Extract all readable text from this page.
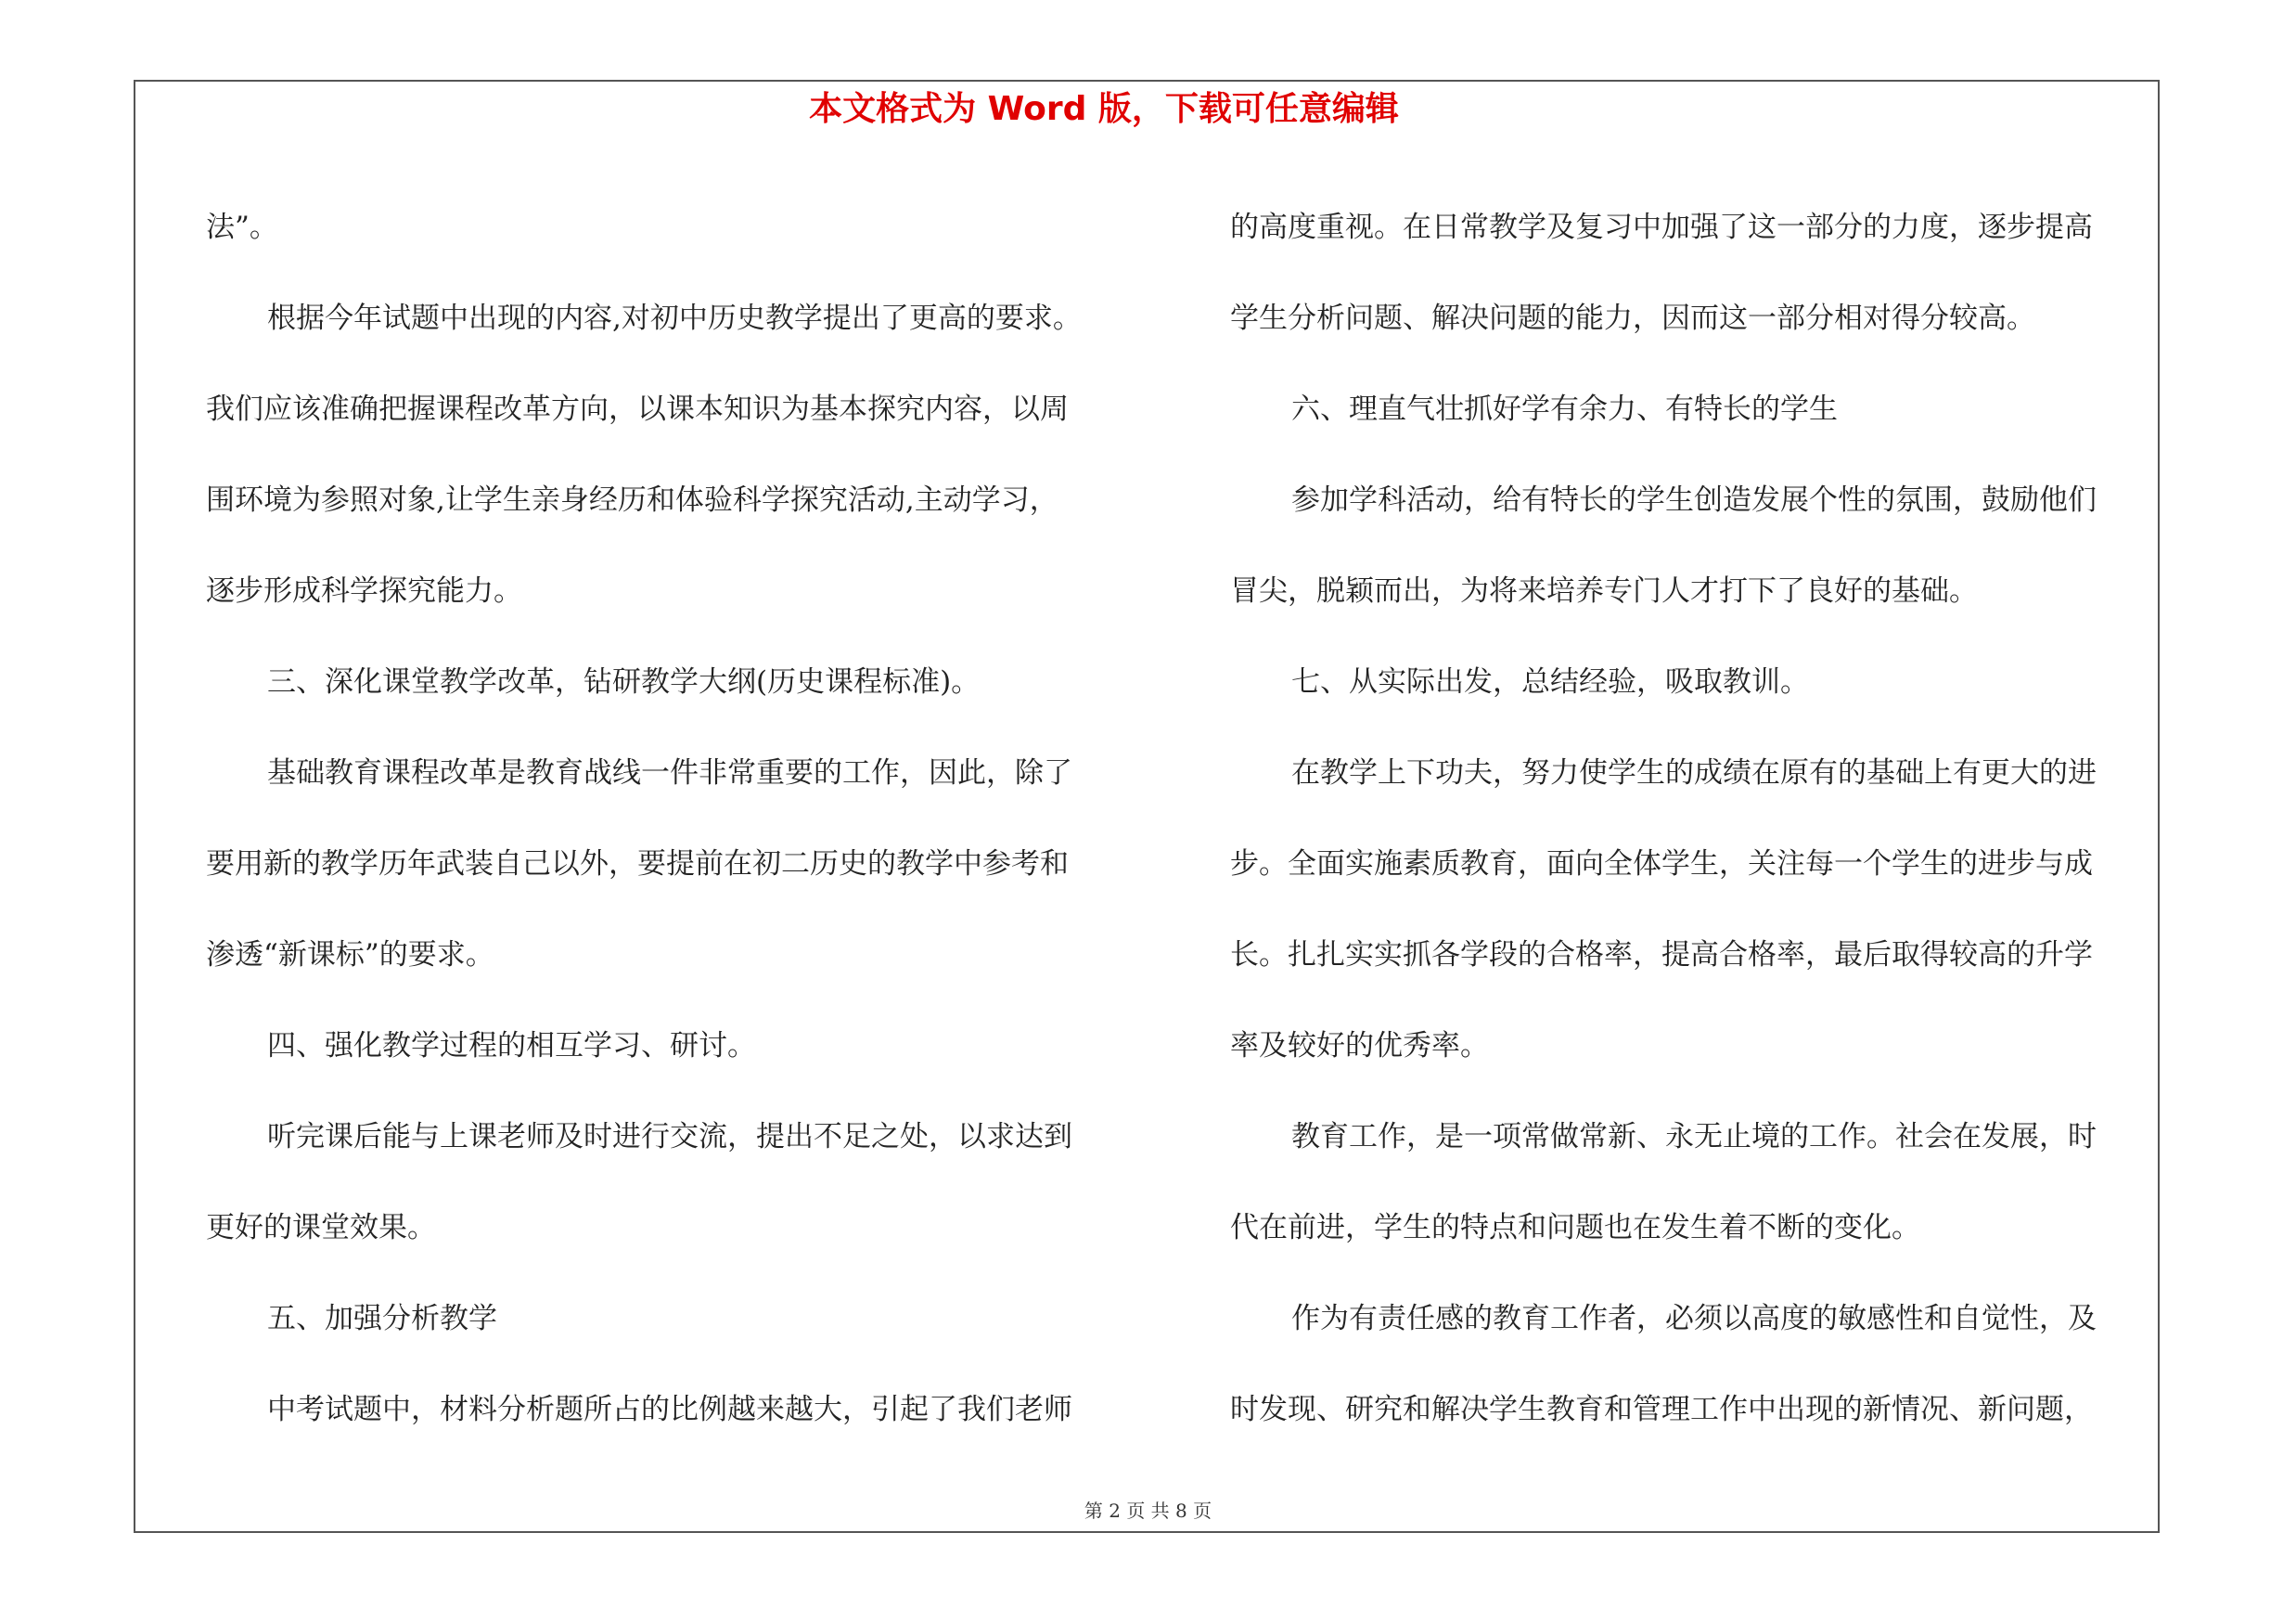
本文格式为 Word 版，下载可任意编辑

法”。

根据今年试题中出现的内容,对初中历史教学提出了更高的要求。

我们应该准确把握课程改革方向，以课本知识为基本探究内容，以周

围环境为参照对象,让学生亲身经历和体验科学探究活动,主动学习，

逐步形成科学探究能力。

三、深化课堂教学改革，钻研教学大纲(历史课程标准)。

基础教育课程改革是教育战线一件非常重要的工作，因此，除了

要用新的教学历年武装自己以外，要提前在初二历史的教学中参考和

渗透“新课标”的要求。

四、强化教学过程的相互学习、研讨。

听完课后能与上课老师及时进行交流，提出不足之处，以求达到

更好的课堂效果。

五、加强分析教学

中考试题中，材料分析题所占的比例越来越大，引起了我们老师

的高度重视。在日常教学及复习中加强了这一部分的力度，逐步提高

学生分析问题、解决问题的能力，因而这一部分相对得分较高。

六、理直气壮抓好学有余力、有特长的学生

参加学科活动，给有特长的学生创造发展个性的氛围，鼓励他们

冒尖，脱颖而出，为将来培养专门人才打下了良好的基础。

七、从实际出发，总结经验，吸取教训。

在教学上下功夫，努力使学生的成绩在原有的基础上有更大的进

步。全面实施素质教育，面向全体学生，关注每一个学生的进步与成

长。扎扎实实抓各学段的合格率，提高合格率，最后取得较高的升学

率及较好的优秀率。

教育工作，是一项常做常新、永无止境的工作。社会在发展，时

代在前进，学生的特点和问题也在发生着不断的变化。

作为有责任感的教育工作者，必须以高度的敏感性和自觉性，及

时发现、研究和解决学生教育和管理工作中出现的新情况、新问题，

第 2 页 共 8 页
